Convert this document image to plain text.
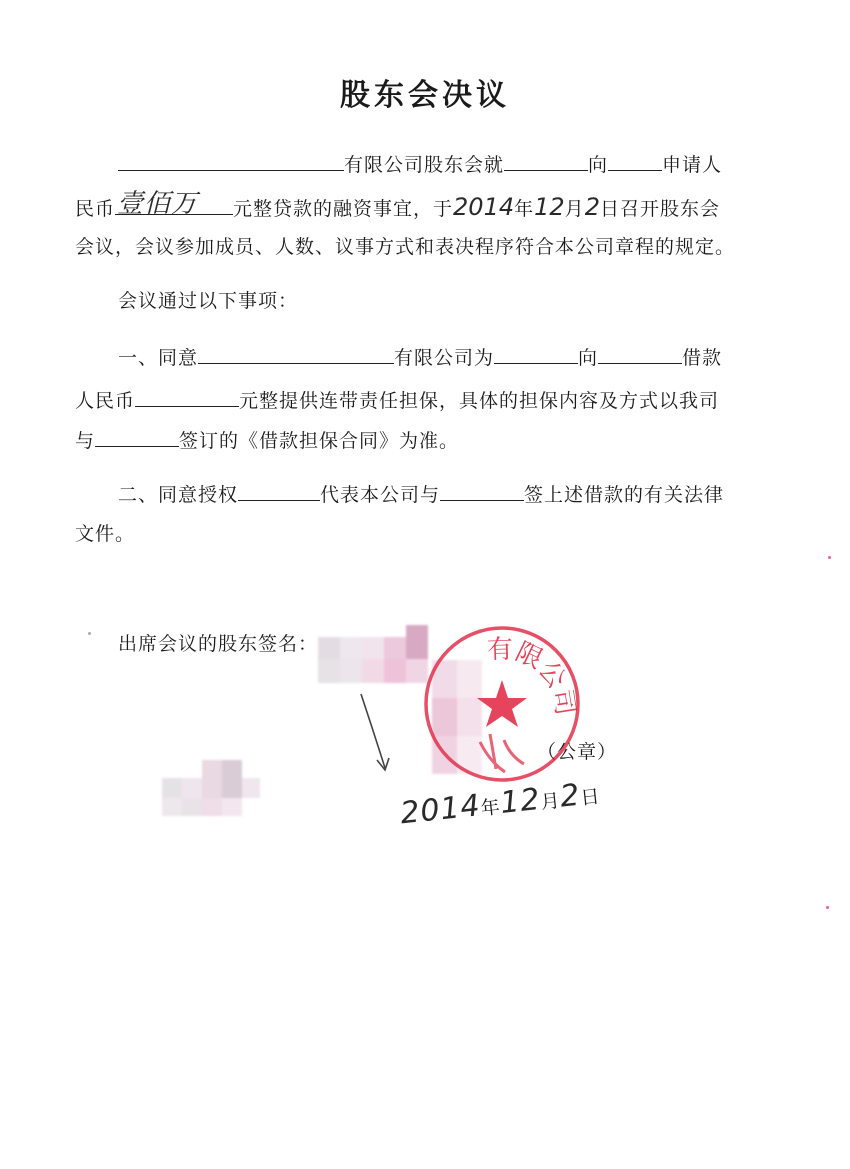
股东会决议
有限公司股东会就	向	申请人
民币 壹佰万 元整贷款的融资事宜，于2014年12月2日召开股东会
会议，会议参加成员、人数、议事方式和表决程序符合本公司章程的规定。
会议通过以下事项：
一、同意	有限公司为	向	借款
人民币	元整提供连带责任担保，具体的担保内容及方式以我司
与	签订的《借款担保合同》为准。
二、同意授权	代表本公司与	签上述借款的有关法律
文件。
出席会议的股东签名：	有限公司
（公章）
2014年12月2日
